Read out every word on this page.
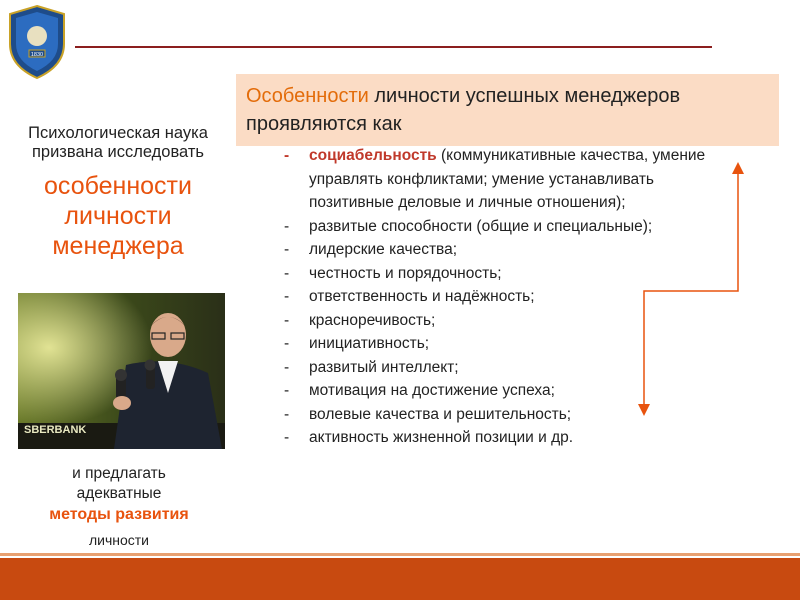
1830
Особенности личности успешных менеджеров проявляются как
Психологическая наука призвана исследовать
особенности личности менеджера
SBERBANK
и предлагать адекватные
методы развития
личности
- социабельность (коммуникативные качества, умение управлять конфликтами; умение устанавливать позитивные деловые и личные отношения);
- развитые способности (общие и специальные);
- лидерские качества;
- честность и порядочность;
- ответственность и надёжность;
- красноречивость;
- инициативность;
- развитый интеллект;
- мотивация на достижение успеха;
- волевые качества и решительность;
- активность жизненной позиции и др.
